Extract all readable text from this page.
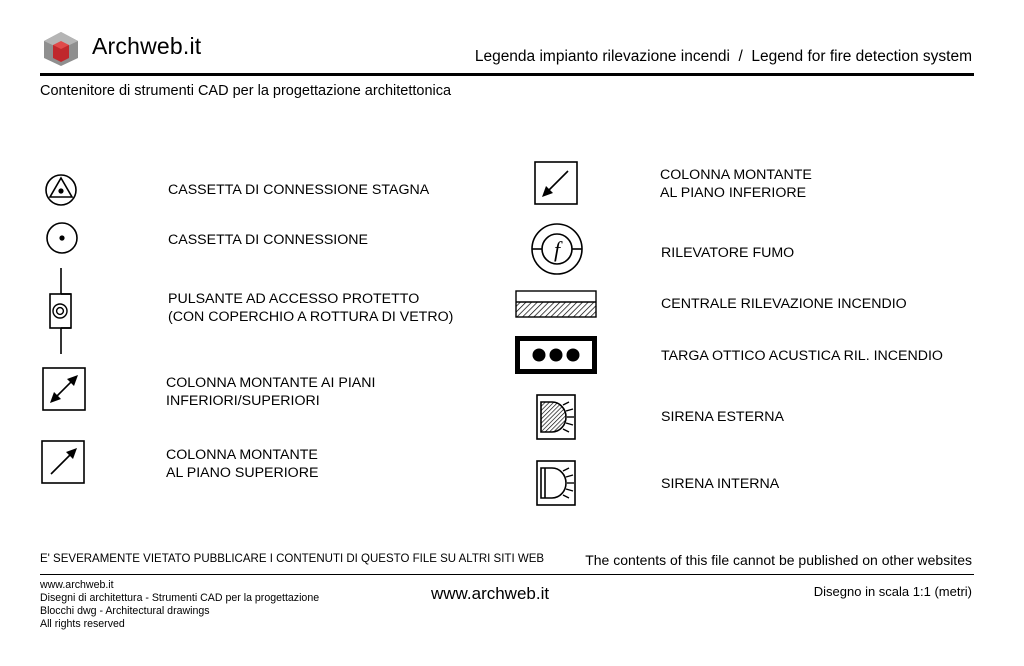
Archweb.it	Legenda impianto rilevazione incendi  /  Legend for fire detection system
Contenitore di strumenti CAD per la progettazione architettonica
CASSETTA DI CONNESSIONE STAGNA
CASSETTA DI CONNESSIONE
PULSANTE AD ACCESSO PROTETTO
(CON COPERCHIO A ROTTURA DI VETRO)
COLONNA MONTANTE AI PIANI
INFERIORI/SUPERIORI
COLONNA MONTANTE
AL PIANO SUPERIORE
COLONNA MONTANTE
AL PIANO INFERIORE
f	RILEVATORE FUMO
CENTRALE RILEVAZIONE INCENDIO
TARGA OTTICO ACUSTICA RIL. INCENDIO
SIRENA ESTERNA
SIRENA INTERNA
E' SEVERAMENTE VIETATO PUBBLICARE I CONTENUTI DI QUESTO FILE SU ALTRI SITI WEB	The contents of this file cannot be published on other websites
www.archweb.it
Disegni di architettura - Strumenti CAD per la progettazione
Blocchi dwg - Architectural drawings
All rights reserved
www.archweb.it	Disegno in scala 1:1 (metri)
